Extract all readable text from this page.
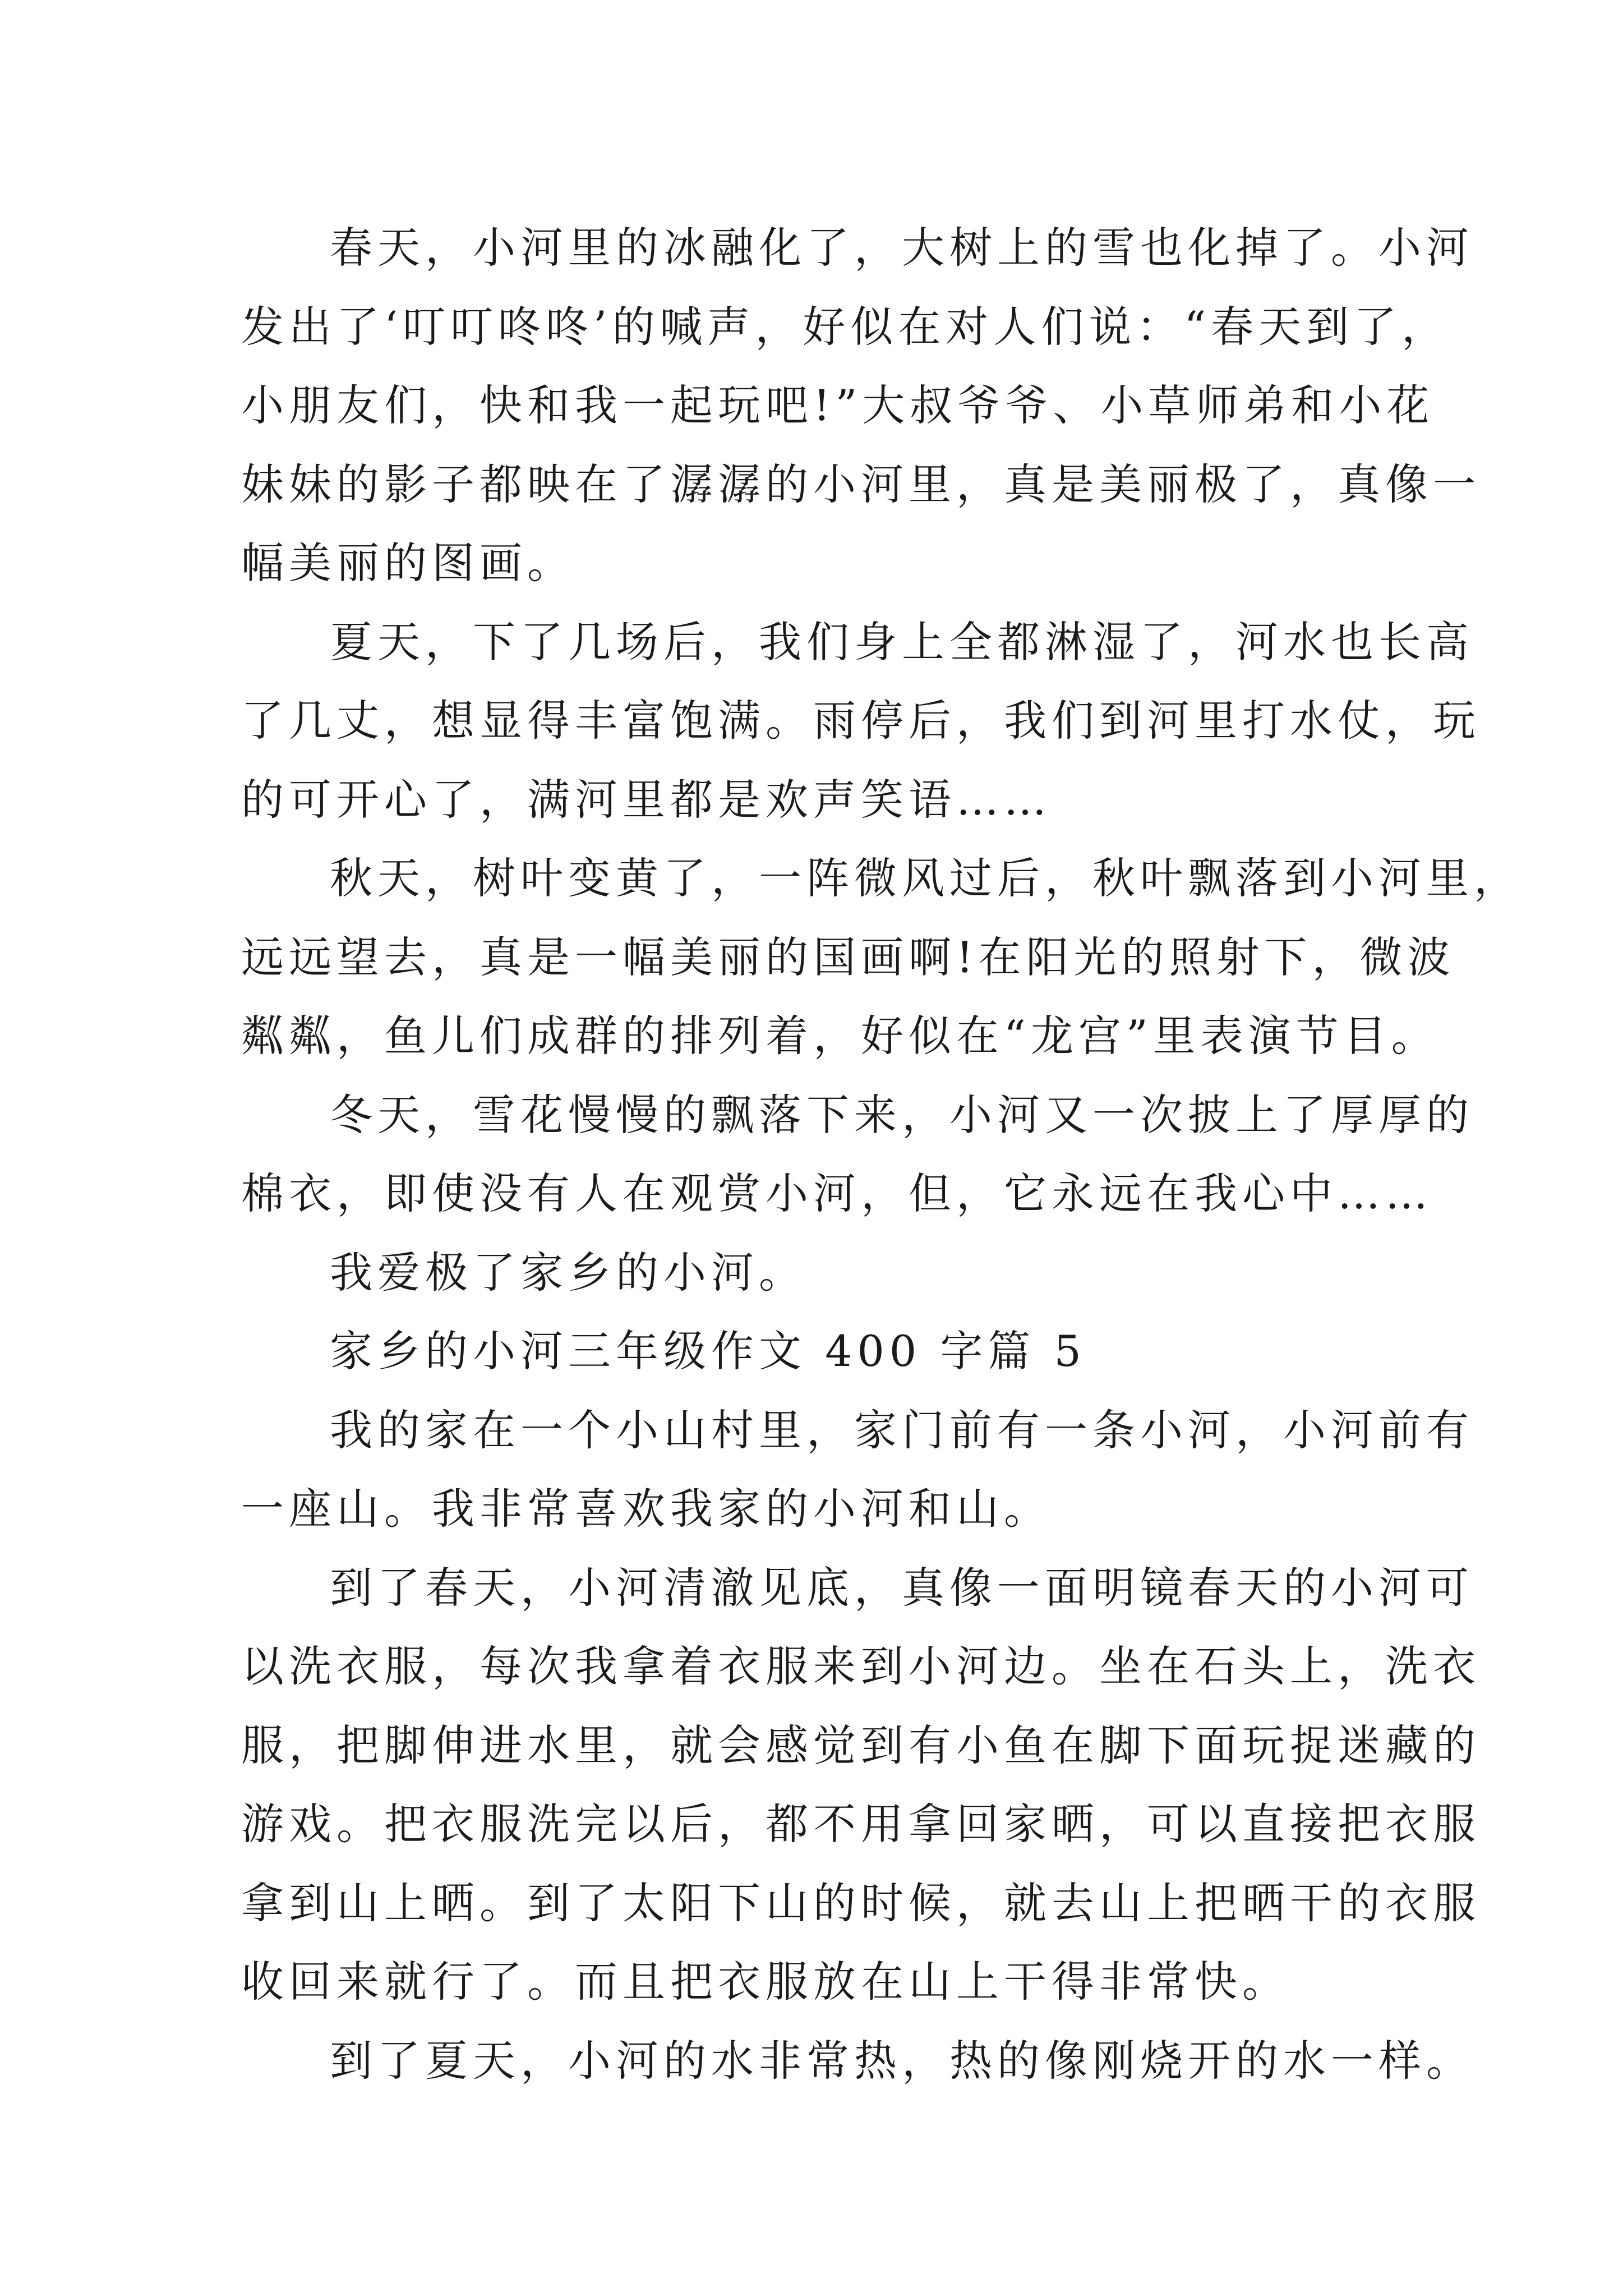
春天，小河里的冰融化了，大树上的雪也化掉了。小河
发出了‘叮叮咚咚’的喊声，好似在对人们说：“春天到了，
小朋友们，快和我一起玩吧!”大叔爷爷、小草师弟和小花
妹妹的影子都映在了潺潺的小河里，真是美丽极了，真像一
幅美丽的图画。

夏天，下了几场后，我们身上全都淋湿了，河水也长高
了几丈，想显得丰富饱满。雨停后，我们到河里打水仗，玩
的可开心了，满河里都是欢声笑语……

秋天，树叶变黄了，一阵微风过后，秋叶飘落到小河里，
远远望去，真是一幅美丽的国画啊!在阳光的照射下，微波
粼粼，鱼儿们成群的排列着，好似在“龙宫”里表演节目。

冬天，雪花慢慢的飘落下来，小河又一次披上了厚厚的
棉衣，即使没有人在观赏小河，但，它永远在我心中……

我爱极了家乡的小河。

家乡的小河三年级作文 400 字篇 5

我的家在一个小山村里，家门前有一条小河，小河前有
一座山。我非常喜欢我家的小河和山。

到了春天，小河清澈见底，真像一面明镜春天的小河可
以洗衣服，每次我拿着衣服来到小河边。坐在石头上，洗衣
服，把脚伸进水里，就会感觉到有小鱼在脚下面玩捉迷藏的
游戏。把衣服洗完以后，都不用拿回家晒，可以直接把衣服
拿到山上晒。到了太阳下山的时候，就去山上把晒干的衣服
收回来就行了。而且把衣服放在山上干得非常快。

到了夏天，小河的水非常热，热的像刚烧开的水一样。
